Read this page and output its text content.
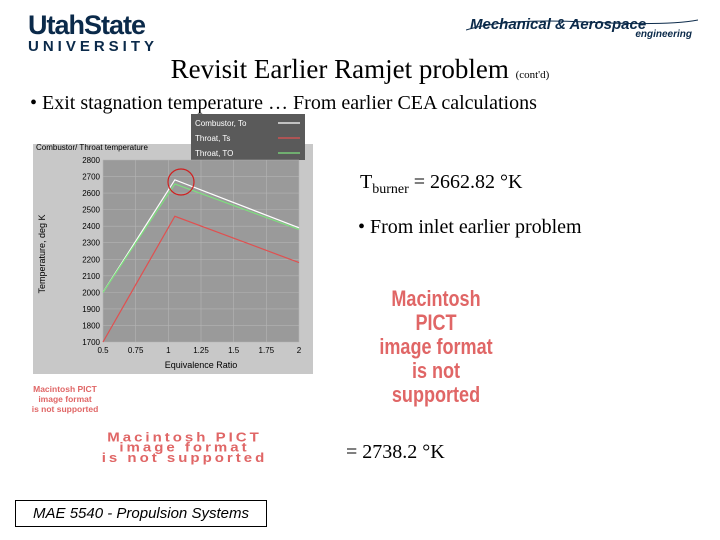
UtahState
UNIVERSITY
Mechanical & Aerospace
engineering
Revisit Earlier Ramjet problem (cont'd)
• Exit stagnation temperature … From earlier CEA calculations
Combustor/ Throat temperature
2800
2700
2600
2500
2400
2300
2200
2100
2000
1900
1800
1700
0.5 0.75	1	1.25 1.5 1.75	2
Combustor, To
Throat, Ts
Throat, TO
Temperature, deg K
Equivalence Ratio
$T_{burner} = 2662.82$ °K
• From inlet earlier problem
Macintosh PICT
image format
is not supported
Macintosh PICT
image format
is not supported
Macintosh PICT
image format
is not supported	= 2738.2 °K
MAE 5540 - Propulsion Systems
